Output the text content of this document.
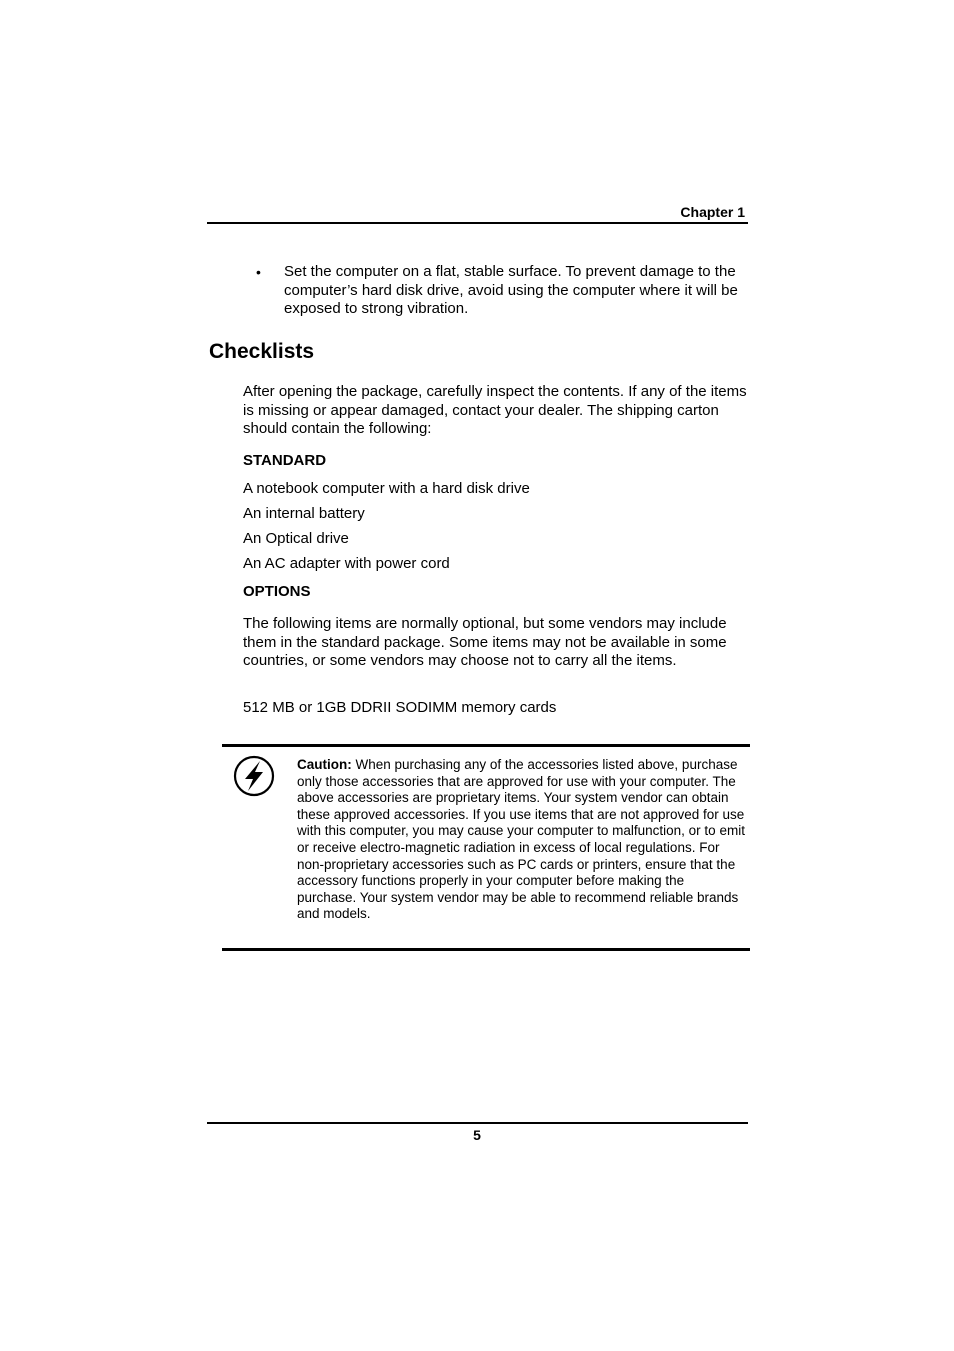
Chapter 1
• Set the computer on a flat, stable surface. To prevent damage to the computer’s hard disk drive, avoid using the computer where it will be exposed to strong vibration.
Checklists
After opening the package, carefully inspect the contents. If any of the items is missing or appear damaged, contact your dealer. The shipping carton should contain the following:
STANDARD
A notebook computer with a hard disk drive
An internal battery
An Optical drive
An AC adapter with power cord
OPTIONS
The following items are normally optional, but some vendors may include them in the standard package. Some items may not be available in some countries, or some vendors may choose not to carry all the items.
512 MB or 1GB DDRII SODIMM memory cards
Caution: When purchasing any of the accessories listed above, purchase only those accessories that are approved for use with your computer. The above accessories are proprietary items. Your system vendor can obtain these approved accessories. If you use items that are not approved for use with this computer, you may cause your computer to malfunction, or to emit or receive electro-magnetic radiation in excess of local regulations. For non-proprietary accessories such as PC cards or printers, ensure that the accessory functions properly in your computer before making the purchase. Your system vendor may be able to recommend reliable brands and models.
5
